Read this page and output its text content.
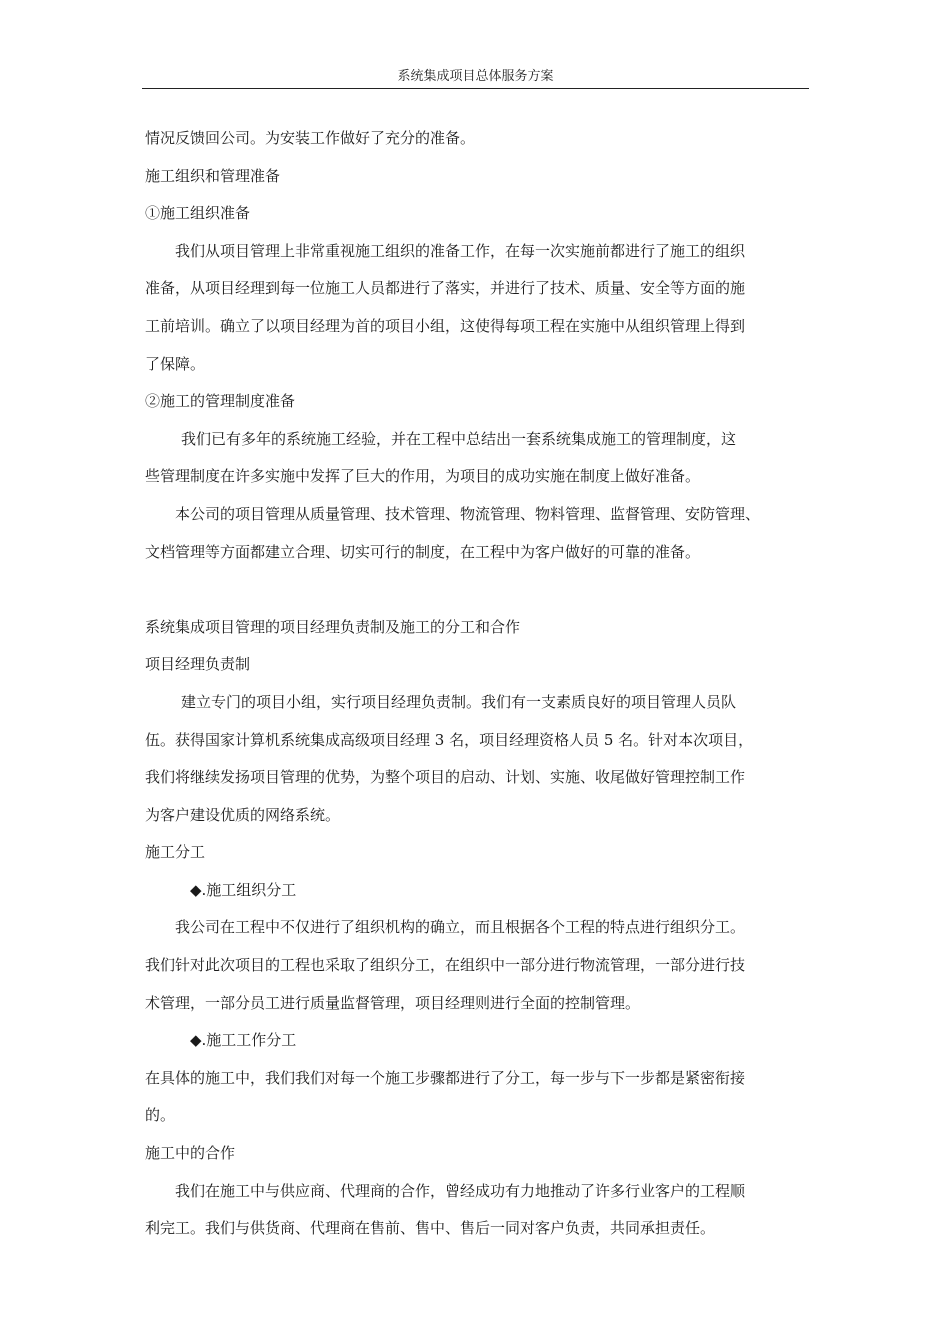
系统集成项目总体服务方案

情况反馈回公司。为安装工作做好了充分的准备。

施工组织和管理准备

①施工组织准备

我们从项目管理上非常重视施工组织的准备工作，在每一次实施前都进行了施工的组织

准备，从项目经理到每一位施工人员都进行了落实，并进行了技术、质量、安全等方面的施

工前培训。确立了以项目经理为首的项目小组，这使得每项工程在实施中从组织管理上得到

了保障。

②施工的管理制度准备

我们已有多年的系统施工经验，并在工程中总结出一套系统集成施工的管理制度，这

些管理制度在许多实施中发挥了巨大的作用，为项目的成功实施在制度上做好准备。

本公司的项目管理从质量管理、技术管理、物流管理、物料管理、监督管理、安防管理、

文档管理等方面都建立合理、切实可行的制度，在工程中为客户做好的可靠的准备。

系统集成项目管理的项目经理负责制及施工的分工和合作

项目经理负责制

建立专门的项目小组，实行项目经理负责制。我们有一支素质良好的项目管理人员队

伍。获得国家计算机系统集成高级项目经理 3 名，项目经理资格人员 5 名。针对本次项目，

我们将继续发扬项目管理的优势，为整个项目的启动、计划、实施、收尾做好管理控制工作

为客户建设优质的网络系统。

施工分工

◆.施工组织分工

我公司在工程中不仅进行了组织机构的确立，而且根据各个工程的特点进行组织分工。

我们针对此次项目的工程也采取了组织分工，在组织中一部分进行物流管理，一部分进行技

术管理，一部分员工进行质量监督管理，项目经理则进行全面的控制管理。

◆.施工工作分工

在具体的施工中，我们我们对每一个施工步骤都进行了分工，每一步与下一步都是紧密衔接

的。

施工中的合作

我们在施工中与供应商、代理商的合作，曾经成功有力地推动了许多行业客户的工程顺

利完工。我们与供货商、代理商在售前、售中、售后一同对客户负责，共同承担责任。
